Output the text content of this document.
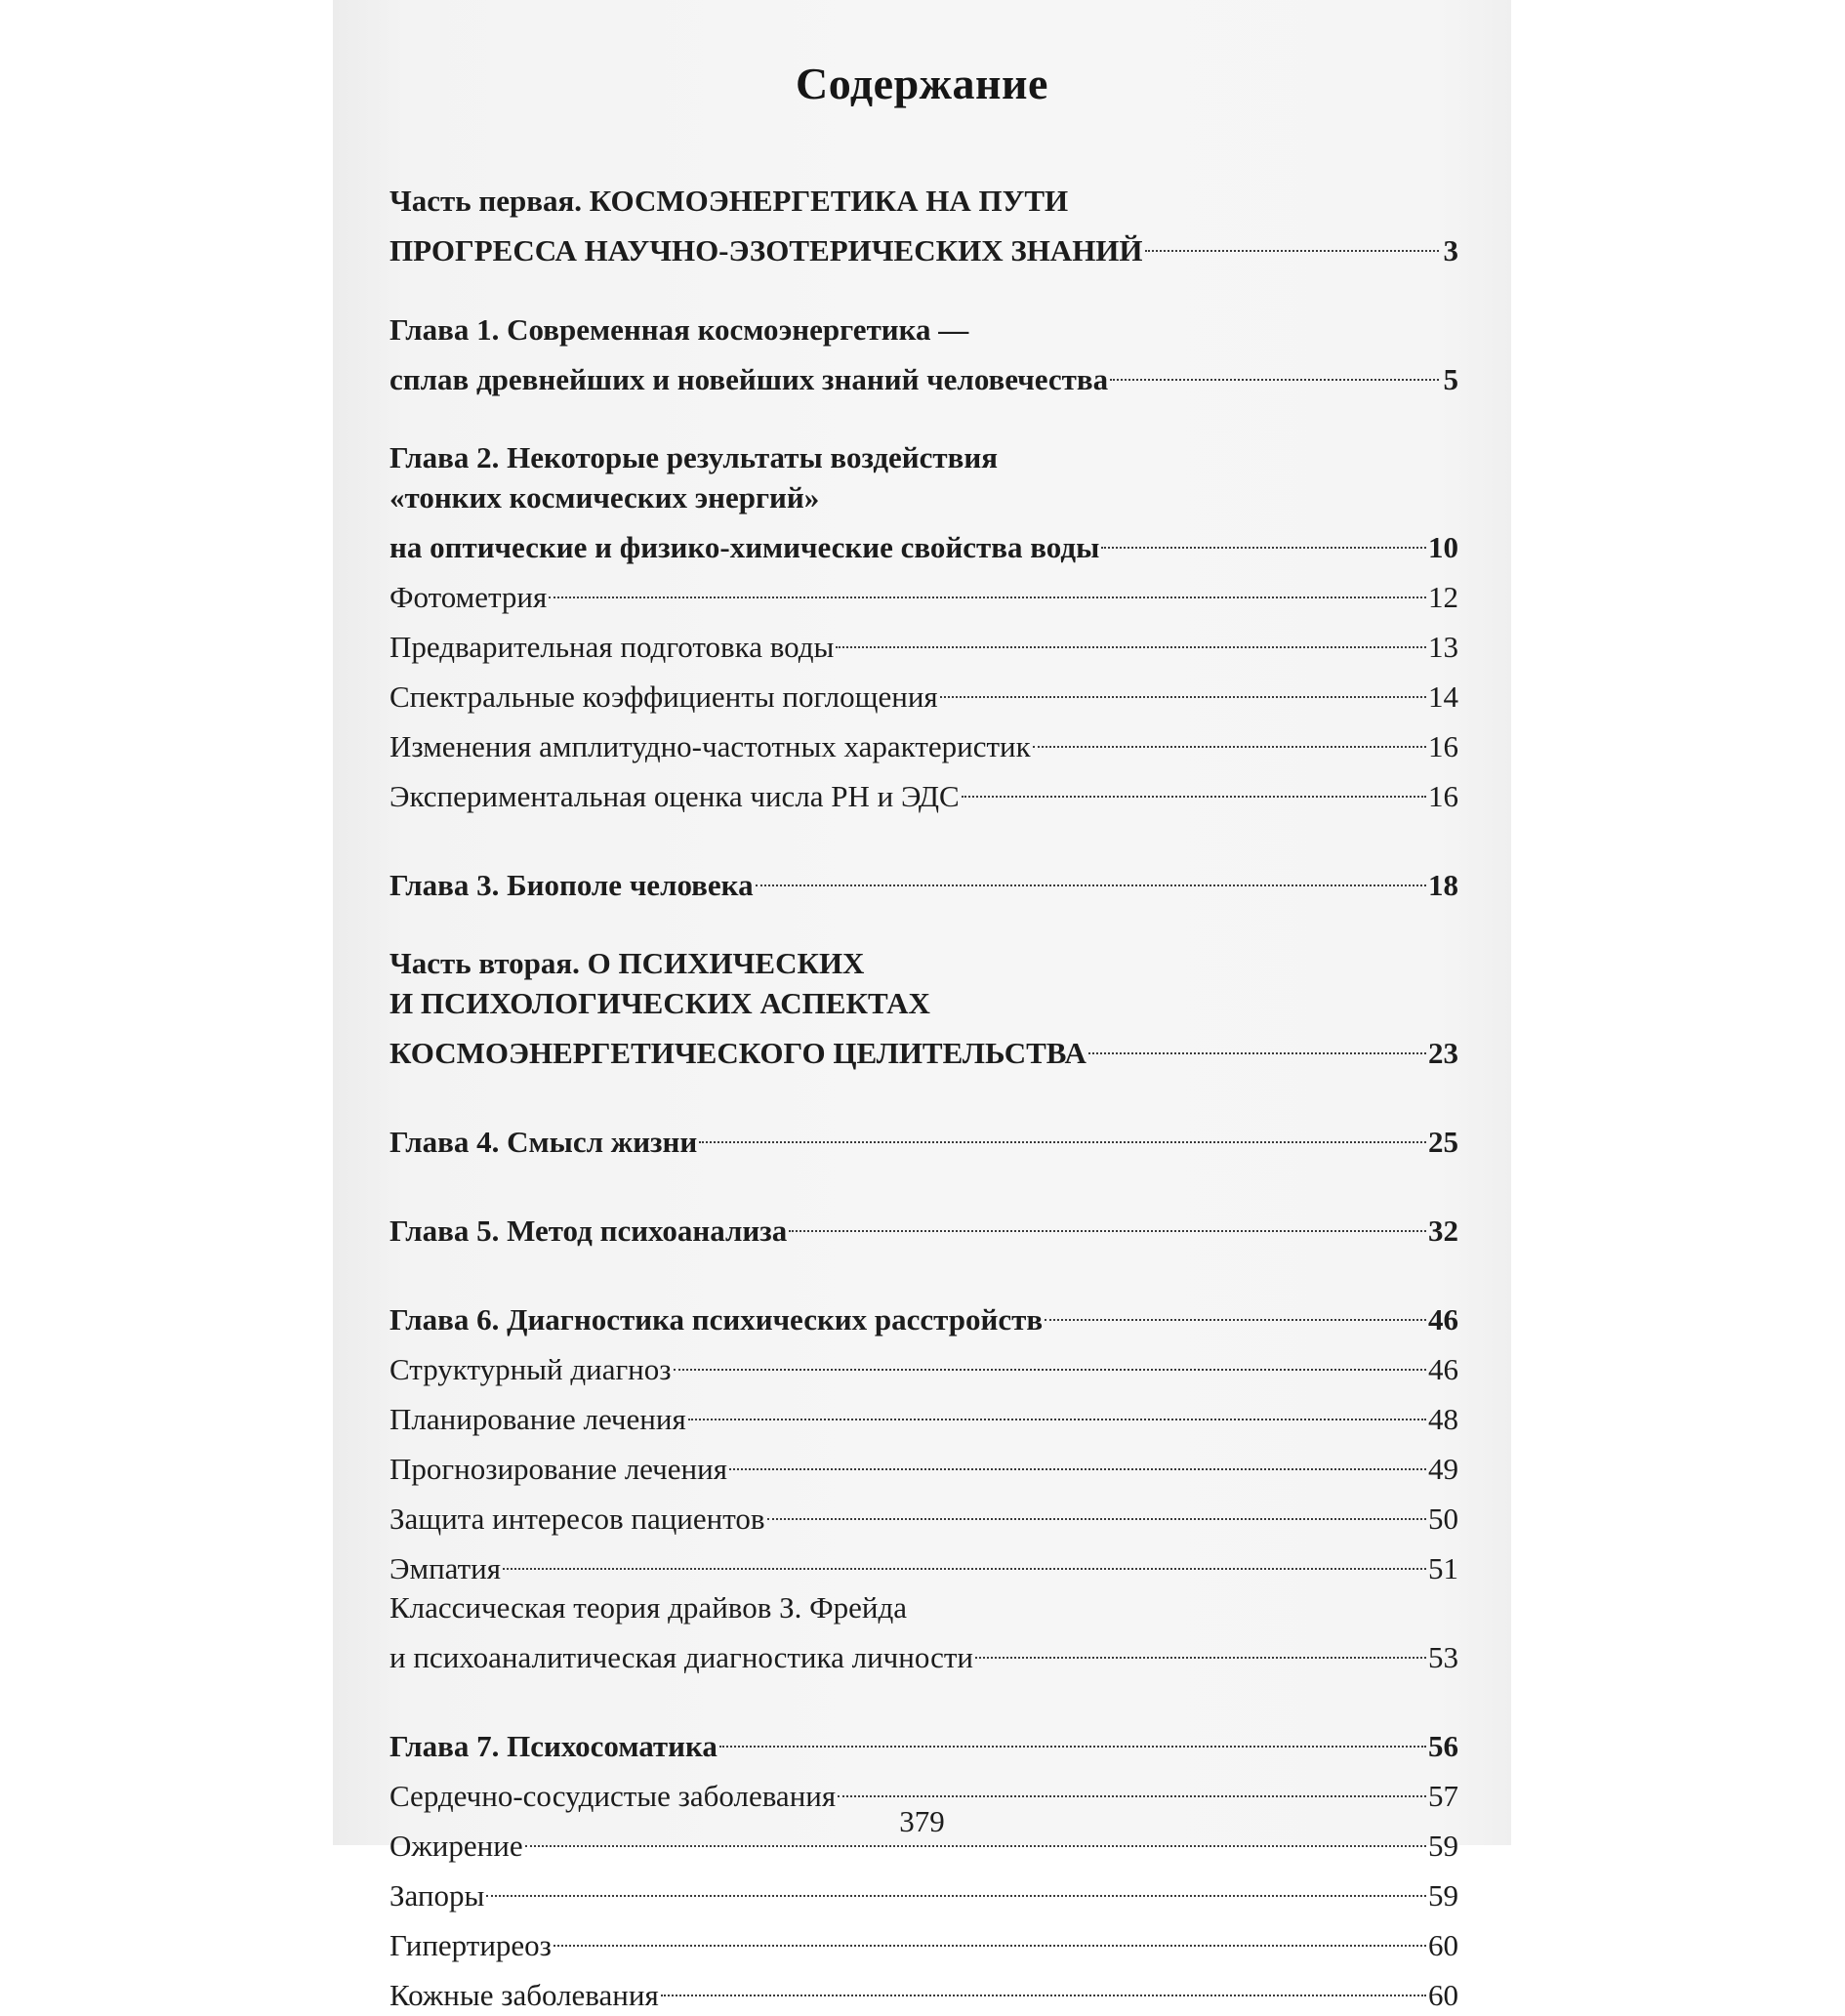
Содержание
Часть первая. КОСМОЭНЕРГЕТИКА НА ПУТИ
ПРОГРЕССА НАУЧНО-ЭЗОТЕРИЧЕСКИХ ЗНАНИЙ	3
Глава 1. Современная космоэнергетика —
сплав древнейших и новейших знаний человечества	5
Глава 2. Некоторые результаты воздействия
«тонких космических энергий»
на оптические и физико-химические свойства воды	10
Фотометрия	12
Предварительная подготовка воды	13
Спектральные коэффициенты поглощения	14
Изменения амплитудно-частотных характеристик	16
Экспериментальная оценка числа РН и ЭДС	16
Глава 3. Биополе человека	18
Часть вторая. О ПСИХИЧЕСКИХ
И ПСИХОЛОГИЧЕСКИХ АСПЕКТАХ
КОСМОЭНЕРГЕТИЧЕСКОГО ЦЕЛИТЕЛЬСТВА	23
Глава 4. Смысл жизни	25
Глава 5. Метод психоанализа	32
Глава 6. Диагностика психических расстройств	46
Структурный диагноз	46
Планирование лечения	48
Прогнозирование лечения	49
Защита интересов пациентов	50
Эмпатия	51
Классическая теория драйвов З. Фрейда
и психоаналитическая диагностика личности	53
Глава 7. Психосоматика	56
Сердечно-сосудистые заболевания	57
Ожирение	59
Запоры	59
Гипертиреоз	60
Кожные заболевания	60
379
